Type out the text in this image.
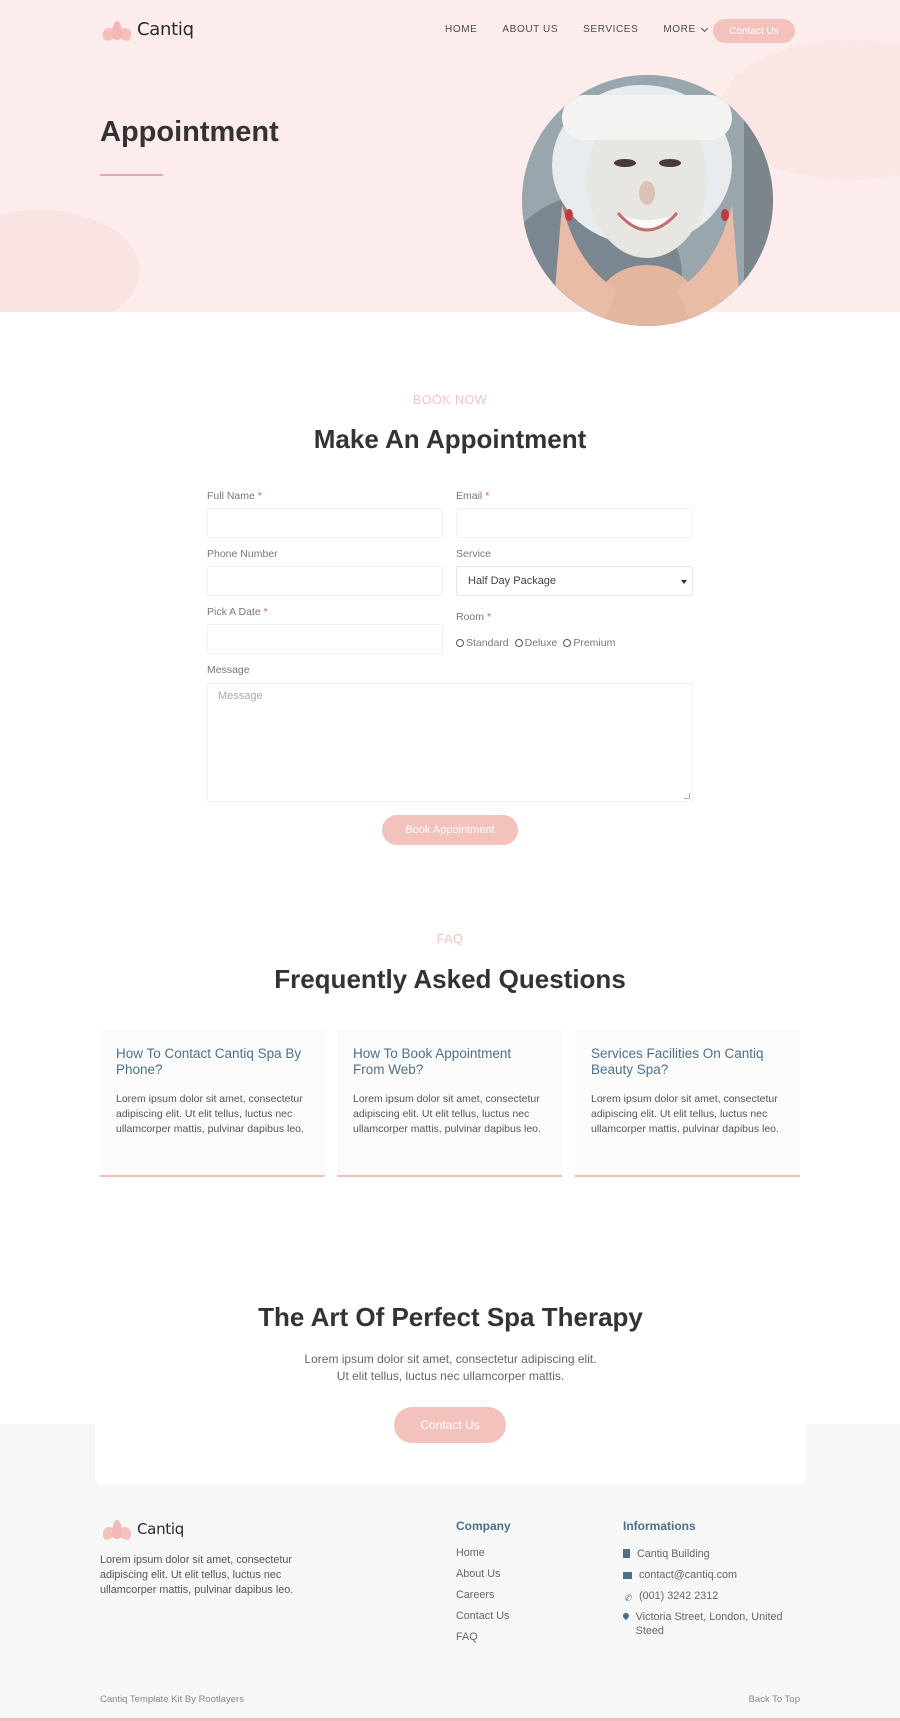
Cantiq	HOME	ABOUT US	SERVICES	MORE	Contact Us
Appointment
BOOK NOW
Make An Appointment
Full Name *	Email *
Phone Number	Service
Half Day Package
Pick A Date *	Room *
Standard Deluxe Premium
Message
Message
Book Appointment
FAQ
Frequently Asked Questions
How To Contact Cantiq Spa By Phone?
Lorem ipsum dolor sit amet, consectetur adipiscing elit. Ut elit tellus, luctus nec ullamcorper mattis, pulvinar dapibus leo.
How To Book Appointment From Web?
Lorem ipsum dolor sit amet, consectetur adipiscing elit. Ut elit tellus, luctus nec ullamcorper mattis, pulvinar dapibus leo.
Services Facilities On Cantiq Beauty Spa?
Lorem ipsum dolor sit amet, consectetur adipiscing elit. Ut elit tellus, luctus nec ullamcorper mattis, pulvinar dapibus leo.
The Art Of Perfect Spa Therapy
Lorem ipsum dolor sit amet, consectetur adipiscing elit.
Ut elit tellus, luctus nec ullamcorper mattis.
Contact Us
Cantiq
Lorem ipsum dolor sit amet, consectetur adipiscing elit. Ut elit tellus, luctus nec ullamcorper mattis, pulvinar dapibus leo.
Company
Home
About Us
Careers
Contact Us
FAQ
Informations
Cantiq Building
contact@cantiq.com
✆ (001) 3242 2312
Victoria Street, London, United Steed
Cantiq Template Kit By Rootlayers	Back To Top
